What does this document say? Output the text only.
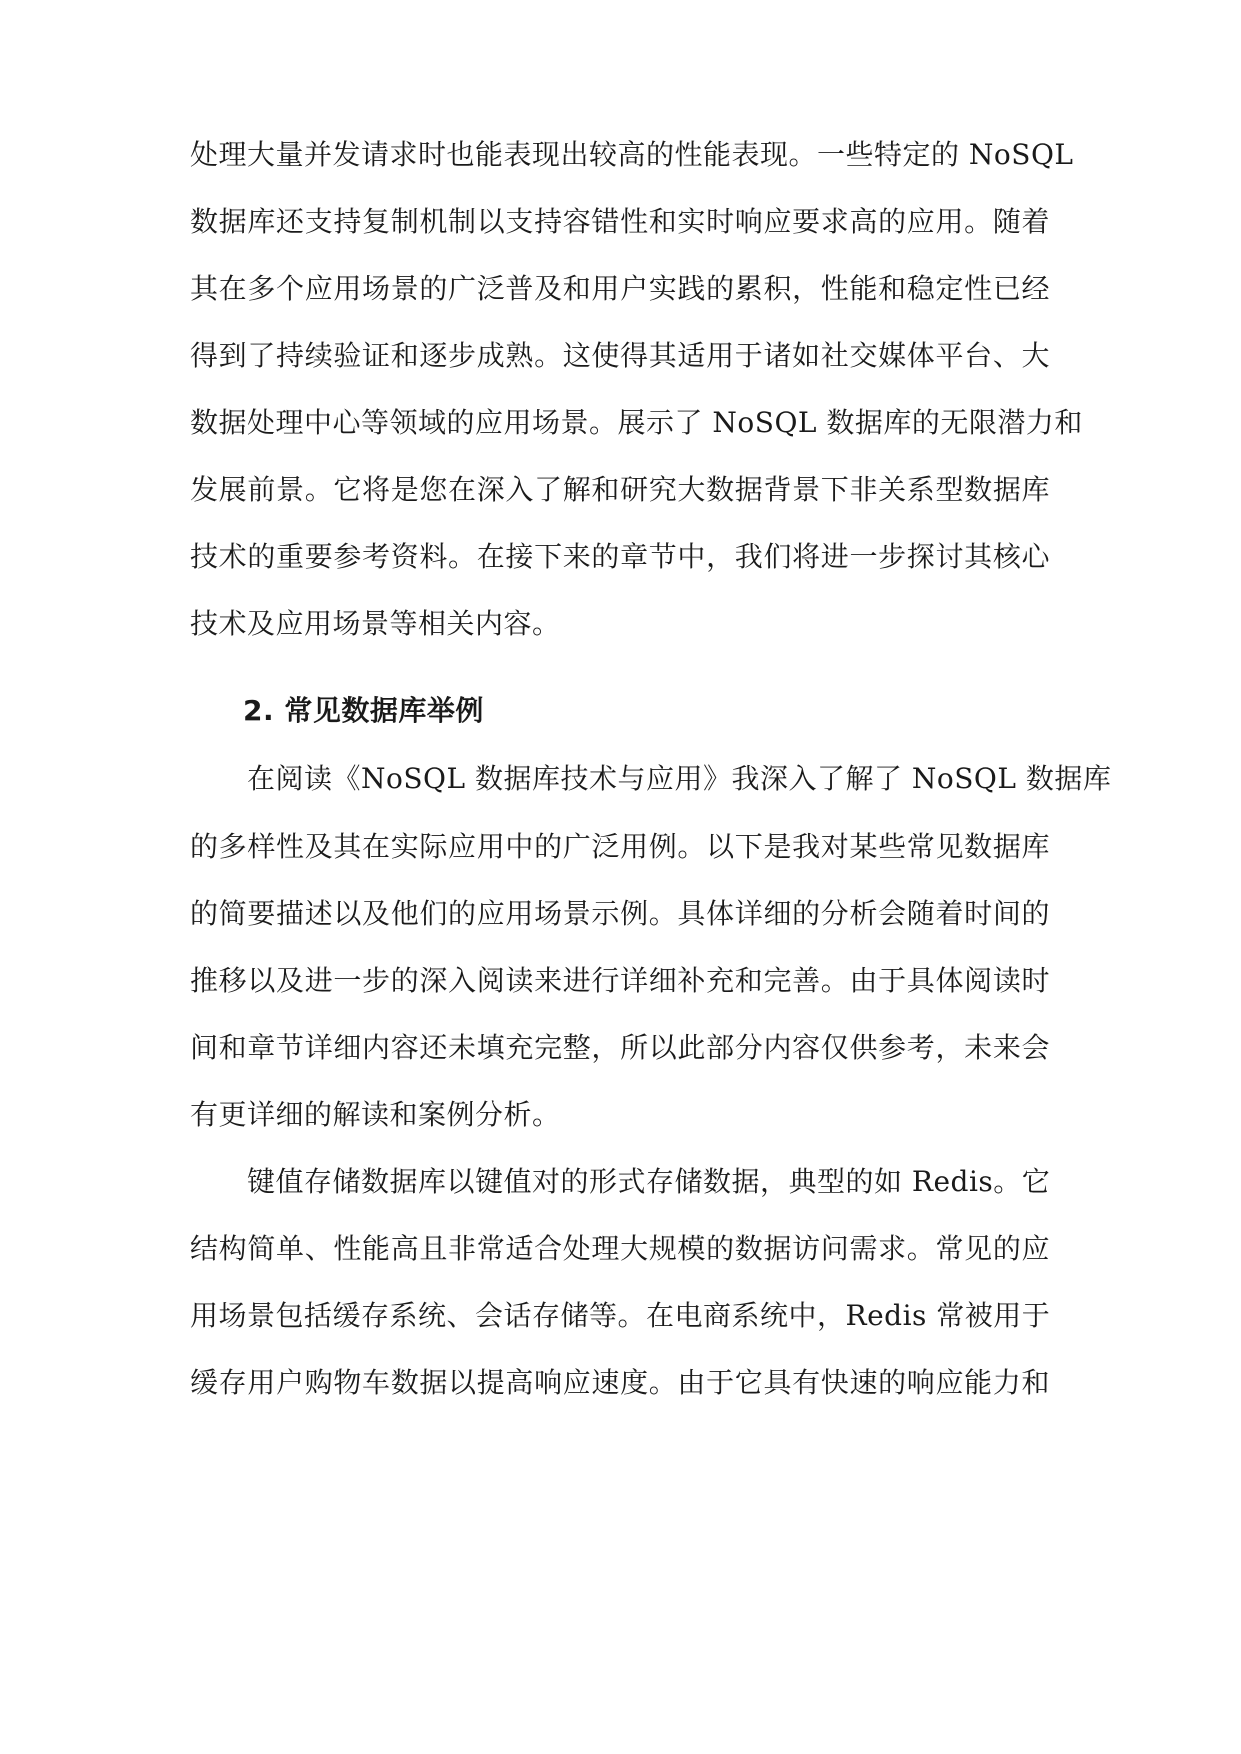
处理大量并发请求时也能表现出较高的性能表现。一些特定的 NoSQL
数据库还支持复制机制以支持容错性和实时响应要求高的应用。随着
其在多个应用场景的广泛普及和用户实践的累积，性能和稳定性已经
得到了持续验证和逐步成熟。这使得其适用于诸如社交媒体平台、大
数据处理中心等领域的应用场景。展示了 NoSQL 数据库的无限潜力和
发展前景。它将是您在深入了解和研究大数据背景下非关系型数据库
技术的重要参考资料。在接下来的章节中，我们将进一步探讨其核心
技术及应用场景等相关内容。
2. 常见数据库举例
在阅读《NoSQL 数据库技术与应用》我深入了解了 NoSQL 数据库
的多样性及其在实际应用中的广泛用例。以下是我对某些常见数据库
的简要描述以及他们的应用场景示例。具体详细的分析会随着时间的
推移以及进一步的深入阅读来进行详细补充和完善。由于具体阅读时
间和章节详细内容还未填充完整，所以此部分内容仅供参考，未来会
有更详细的解读和案例分析。
键值存储数据库以键值对的形式存储数据，典型的如 Redis。它
结构简单、性能高且非常适合处理大规模的数据访问需求。常见的应
用场景包括缓存系统、会话存储等。在电商系统中，Redis 常被用于
缓存用户购物车数据以提高响应速度。由于它具有快速的响应能力和
